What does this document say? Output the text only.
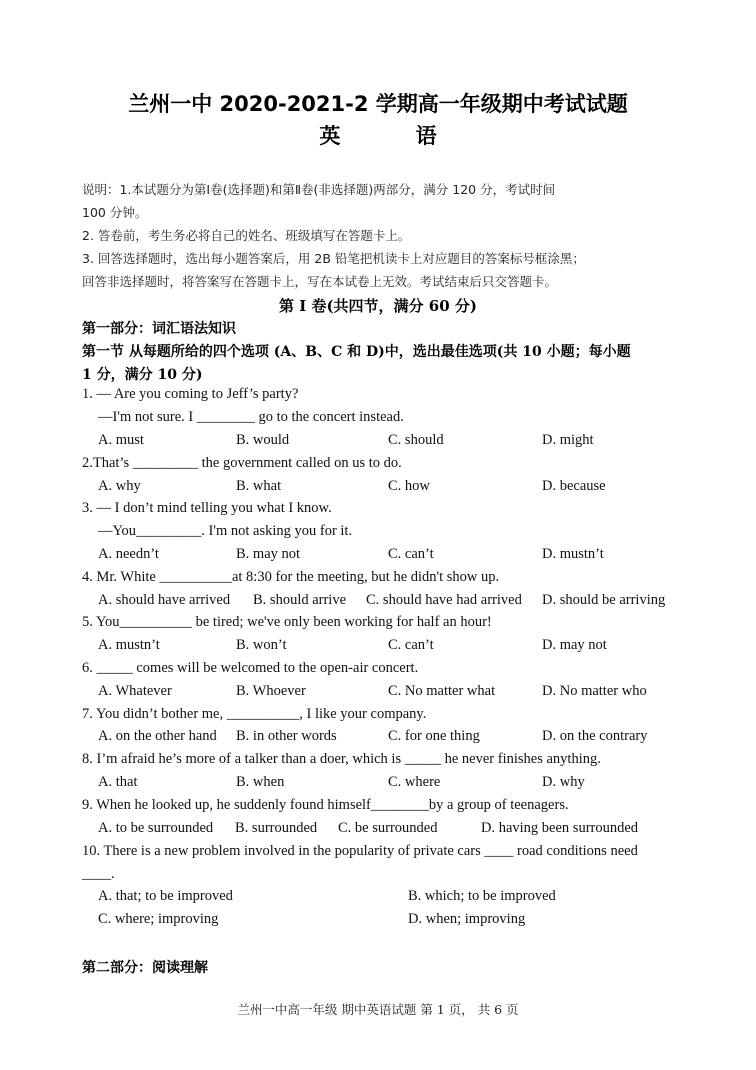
兰州一中 2020-2021-2 学期高一年级期中考试试题
英 语
说明：1.本试题分为第Ⅰ卷(选择题)和第Ⅱ卷(非选择题)两部分，满分 120 分，考试时间
100 分钟。
2. 答卷前，考生务必将自己的姓名、班级填写在答题卡上。
3. 回答选择题时，选出每小题答案后，用 2B 铅笔把机读卡上对应题目的答案标号框涂黑；
回答非选择题时，将答案写在答题卡上，写在本试卷上无效。考试结束后只交答题卡。
第 I 卷(共四节，满分 60 分)
第一部分：词汇语法知识
第一节 从每题所给的四个选项 (A、B、C 和 D)中，选出最佳选项(共 10 小题；每小题
1 分，满分 10 分)
1. — Are you coming to Jeff’s party?
—I'm not sure. I ________ go to the concert instead.
A. must	B. would	C. should	D. might
2.That’s _________ the government called on us to do.
A. why	B. what	C. how	D. because
3. — I don’t mind telling you what I know.
—You_________. I'm not asking you for it.
A. needn’t	B. may not	C. can’t	D. mustn’t
4. Mr. White __________at 8:30 for the meeting, but he didn't show up.
A. should have arrived B. should arrive C. should have had arrived D. should be arriving
5. You__________ be tired; we've only been working for half an hour!
A. mustn’t	B. won’t	C. can’t	D. may not
6. _____ comes will be welcomed to the open-air concert.
A. Whatever	B. Whoever	C. No matter what	D. No matter who
7. You didn’t bother me, __________, I like your company.
A. on the other hand B. in other words	C. for one thing	D. on the contrary
8. I’m afraid he’s more of a talker than a doer, which is _____ he never finishes anything.
A. that	B. when	C. where	D. why
9. When he looked up, he suddenly found himself________by a group of teenagers.
A. to be surrounded B. surrounded C. be surrounded	D. having been surrounded
10. There is a new problem involved in the popularity of private cars ____ road conditions need
____.
A. that; to be improved	B. which; to be improved
C. where; improving	D. when; improving
第二部分：阅读理解
兰州一中高一年级 期中英语试题 第 1 页， 共 6 页
